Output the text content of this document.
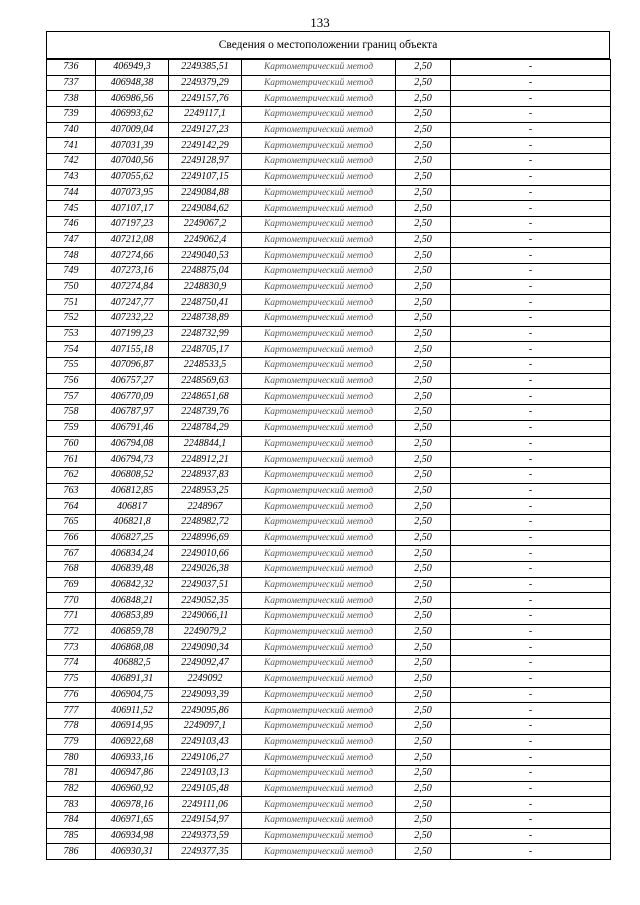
133
Сведения о местоположении границ объекта
736	406949,3	2249385,51	Картометрический метод	2,50	-
737	406948,38	2249379,29	Картометрический метод	2,50	-
738	406986,56	2249157,76	Картометрический метод	2,50	-
739	406993,62	2249117,1	Картометрический метод	2,50	-
740	407009,04	2249127,23	Картометрический метод	2,50	-
741	407031,39	2249142,29	Картометрический метод	2,50	-
742	407040,56	2249128,97	Картометрический метод	2,50	-
743	407055,62	2249107,15	Картометрический метод	2,50	-
744	407073,95	2249084,88	Картометрический метод	2,50	-
745	407107,17	2249084,62	Картометрический метод	2,50	-
746	407197,23	2249067,2	Картометрический метод	2,50	-
747	407212,08	2249062,4	Картометрический метод	2,50	-
748	407274,66	2249040,53	Картометрический метод	2,50	-
749	407273,16	2248875,04	Картометрический метод	2,50	-
750	407274,84	2248830,9	Картометрический метод	2,50	-
751	407247,77	2248750,41	Картометрический метод	2,50	-
752	407232,22	2248738,89	Картометрический метод	2,50	-
753	407199,23	2248732,99	Картометрический метод	2,50	-
754	407155,18	2248705,17	Картометрический метод	2,50	-
755	407096,87	2248533,5	Картометрический метод	2,50	-
756	406757,27	2248569,63	Картометрический метод	2,50	-
757	406770,09	2248651,68	Картометрический метод	2,50	-
758	406787,97	2248739,76	Картометрический метод	2,50	-
759	406791,46	2248784,29	Картометрический метод	2,50	-
760	406794,08	2248844,1	Картометрический метод	2,50	-
761	406794,73	2248912,21	Картометрический метод	2,50	-
762	406808,52	2248937,83	Картометрический метод	2,50	-
763	406812,85	2248953,25	Картометрический метод	2,50	-
764	406817	2248967	Картометрический метод	2,50	-
765	406821,8	2248982,72	Картометрический метод	2,50	-
766	406827,25	2248996,69	Картометрический метод	2,50	-
767	406834,24	2249010,66	Картометрический метод	2,50	-
768	406839,48	2249026,38	Картометрический метод	2,50	-
769	406842,32	2249037,51	Картометрический метод	2,50	-
770	406848,21	2249052,35	Картометрический метод	2,50	-
771	406853,89	2249066,11	Картометрический метод	2,50	-
772	406859,78	2249079,2	Картометрический метод	2,50	-
773	406868,08	2249090,34	Картометрический метод	2,50	-
774	406882,5	2249092,47	Картометрический метод	2,50	-
775	406891,31	2249092	Картометрический метод	2,50	-
776	406904,75	2249093,39	Картометрический метод	2,50	-
777	406911,52	2249095,86	Картометрический метод	2,50	-
778	406914,95	2249097,1	Картометрический метод	2,50	-
779	406922,68	2249103,43	Картометрический метод	2,50	-
780	406933,16	2249106,27	Картометрический метод	2,50	-
781	406947,86	2249103,13	Картометрический метод	2,50	-
782	406960,92	2249105,48	Картометрический метод	2,50	-
783	406978,16	2249111,06	Картометрический метод	2,50	-
784	406971,65	2249154,97	Картометрический метод	2,50	-
785	406934,98	2249373,59	Картометрический метод	2,50	-
786	406930,31	2249377,35	Картометрический метод	2,50	-
